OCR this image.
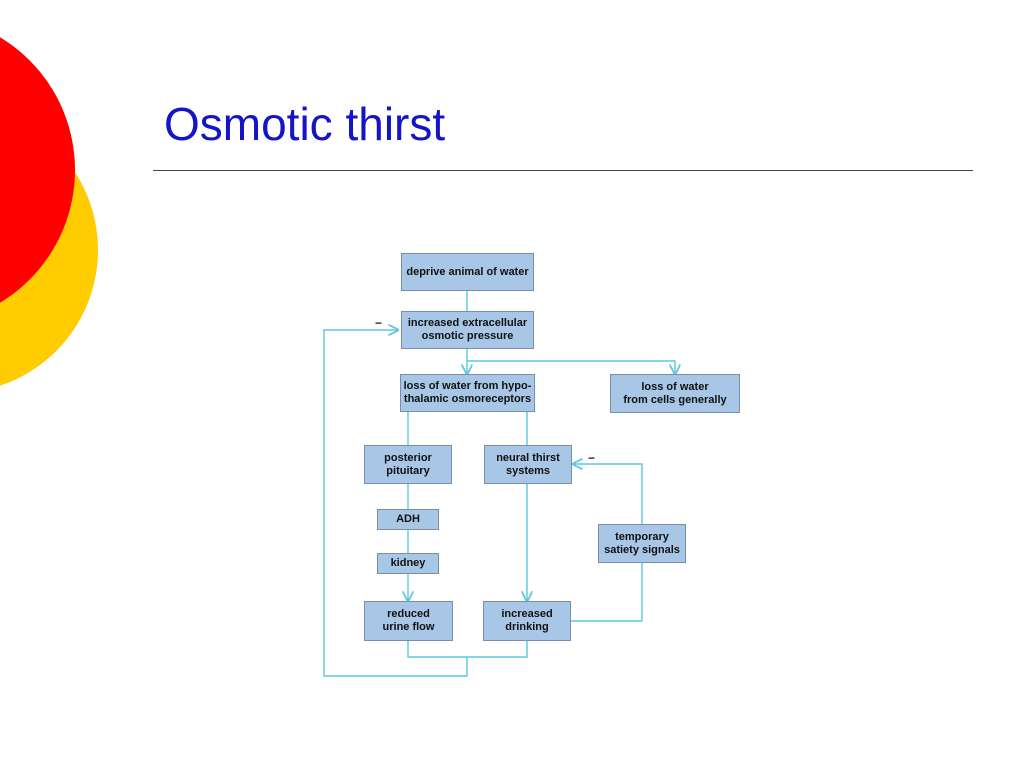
Osmotic thirst
deprive animal of water
increased extracellular
osmotic pressure
loss of water from hypo-
thalamic osmoreceptors
loss of water
from cells generally
posterior
pituitary
neural thirst
systems
ADH
kidney
temporary
satiety signals
reduced
urine flow
increased
drinking
−
−
